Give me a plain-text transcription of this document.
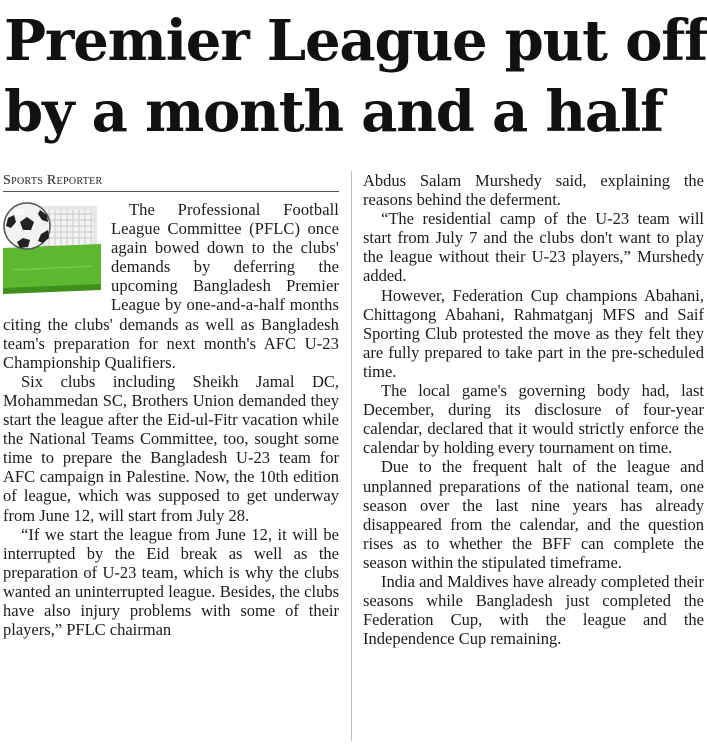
Premier League put off
by a month and a half
Sports Reporter

The Professional Football League Committee (PFLC) once again bowed down to the clubs' demands by deferring the upcoming Bangladesh Premier League by one-and-a-half months citing the clubs' demands as well as Bangladesh team's preparation for next month's AFC U-23 Championship Qualifiers.

Six clubs including Sheikh Jamal DC, Mohammedan SC, Brothers Union demanded they start the league after the Eid-ul-Fitr vacation while the National Teams Committee, too, sought some time to prepare the Bangladesh U-23 team for AFC campaign in Palestine. Now, the 10th edition of league, which was supposed to get underway from June 12, will start from July 28.

“If we start the league from June 12, it will be interrupted by the Eid break as well as the preparation of U-23 team, which is why the clubs wanted an uninterrupted league. Besides, the clubs have also injury problems with some of their players,” PFLC chairman

Abdus Salam Murshedy said, explaining the reasons behind the deferment.

“The residential camp of the U-23 team will start from July 7 and the clubs don't want to play the league without their U-23 players,” Murshedy added.

However, Federation Cup champions Abahani, Chittagong Abahani, Rahmatganj MFS and Saif Sporting Club protested the move as they felt they are fully prepared to take part in the pre-scheduled time.

The local game's governing body had, last December, during its disclosure of four-year calendar, declared that it would strictly enforce the calendar by holding every tournament on time.

Due to the frequent halt of the league and unplanned preparations of the national team, one season over the last nine years has already disappeared from the calendar, and the question rises as to whether the BFF can complete the season within the stipulated timeframe.

India and Maldives have already completed their seasons while Bangladesh just completed the Federation Cup, with the league and the Independence Cup remaining.
